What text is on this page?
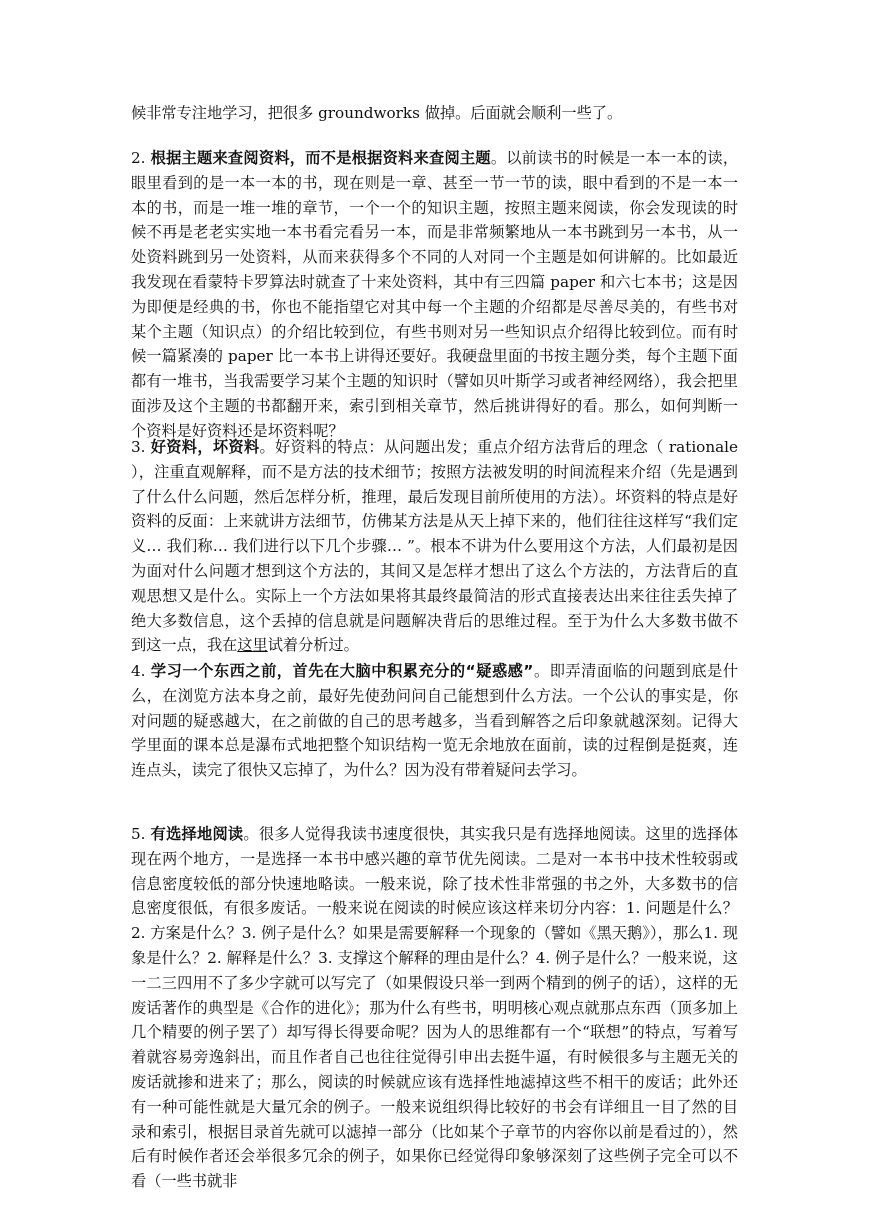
候非常专注地学习，把很多 groundworks 做掉。后面就会顺利一些了。

2. 根据主题来查阅资料，而不是根据资料来查阅主题。以前读书的时候是一本一本的读，眼里看到的是一本一本的书，现在则是一章、甚至一节一节的读，眼中看到的不是一本一本的书，而是一堆一堆的章节，一个一个的知识主题，按照主题来阅读，你会发现读的时候不再是老老实实地一本书看完看另一本，而是非常频繁地从一本书跳到另一本书，从一处资料跳到另一处资料，从而来获得多个不同的人对同一个主题是如何讲解的。比如最近我发现在看蒙特卡罗算法时就查了十来处资料，其中有三四篇 paper 和六七本书；这是因为即便是经典的书，你也不能指望它对其中每一个主题的介绍都是尽善尽美的，有些书对某个主题（知识点）的介绍比较到位，有些书则对另一些知识点介绍得比较到位。而有时候一篇紧凑的 paper 比一本书上讲得还要好。我硬盘里面的书按主题分类，每个主题下面都有一堆书，当我需要学习某个主题的知识时（譬如贝叶斯学习或者神经网络），我会把里面涉及这个主题的书都翻开来，索引到相关章节，然后挑讲得好的看。那么，如何判断一个资料是好资料还是坏资料呢？

3. 好资料，坏资料。好资料的特点：从问题出发；重点介绍方法背后的理念（ rationale ），注重直观解释，而不是方法的技术细节；按照方法被发明的时间流程来介绍（先是遇到了什么什么问题，然后怎样分析，推理，最后发现目前所使用的方法）。坏资料的特点是好资料的反面：上来就讲方法细节，仿佛某方法是从天上掉下来的，他们往往这样写“我们定义… 我们称… 我们进行以下几个步骤… ”。根本不讲为什么要用这个方法，人们最初是因为面对什么问题才想到这个方法的，其间又是怎样才想出了这么个方法的，方法背后的直观思想又是什么。实际上一个方法如果将其最终最简洁的形式直接表达出来往往丢失掉了绝大多数信息，这个丢掉的信息就是问题解决背后的思维过程。至于为什么大多数书做不到这一点，我在这里试着分析过。

4. 学习一个东西之前，首先在大脑中积累充分的“疑惑感”。即弄清面临的问题到底是什么，在浏览方法本身之前，最好先使劲问问自己能想到什么方法。一个公认的事实是，你对问题的疑惑越大，在之前做的自己的思考越多，当看到解答之后印象就越深刻。记得大学里面的课本总是瀑布式地把整个知识结构一览无余地放在面前，读的过程倒是挺爽，连连点头，读完了很快又忘掉了，为什么？因为没有带着疑问去学习。

5. 有选择地阅读。很多人觉得我读书速度很快，其实我只是有选择地阅读。这里的选择体现在两个地方，一是选择一本书中感兴趣的章节优先阅读。二是对一本书中技术性较弱或信息密度较低的部分快速地略读。一般来说，除了技术性非常强的书之外，大多数书的信息密度很低，有很多废话。一般来说在阅读的时候应该这样来切分内容：1. 问题是什么？2. 方案是什么？3. 例子是什么？如果是需要解释一个现象的（譬如《黑天鹅》），那么1. 现象是什么？2. 解释是什么？3. 支撑这个解释的理由是什么？4. 例子是什么？一般来说，这一二三四用不了多少字就可以写完了（如果假设只举一到两个精到的例子的话），这样的无废话著作的典型是《合作的进化》；那为什么有些书，明明核心观点就那点东西（顶多加上几个精要的例子罢了）却写得长得要命呢？因为人的思维都有一个“联想”的特点，写着写着就容易旁逸斜出，而且作者自己也往往觉得引申出去挺牛逼，有时候很多与主题无关的废话就掺和进来了；那么，阅读的时候就应该有选择性地滤掉这些不相干的废话；此外还有一种可能性就是大量冗余的例子。一般来说组织得比较好的书会有详细且一目了然的目录和索引，根据目录首先就可以滤掉一部分（比如某个子章节的内容你以前是看过的），然后有时候作者还会举很多冗余的例子，如果你已经觉得印象够深刻了这些例子完全可以不看（一些书就非
